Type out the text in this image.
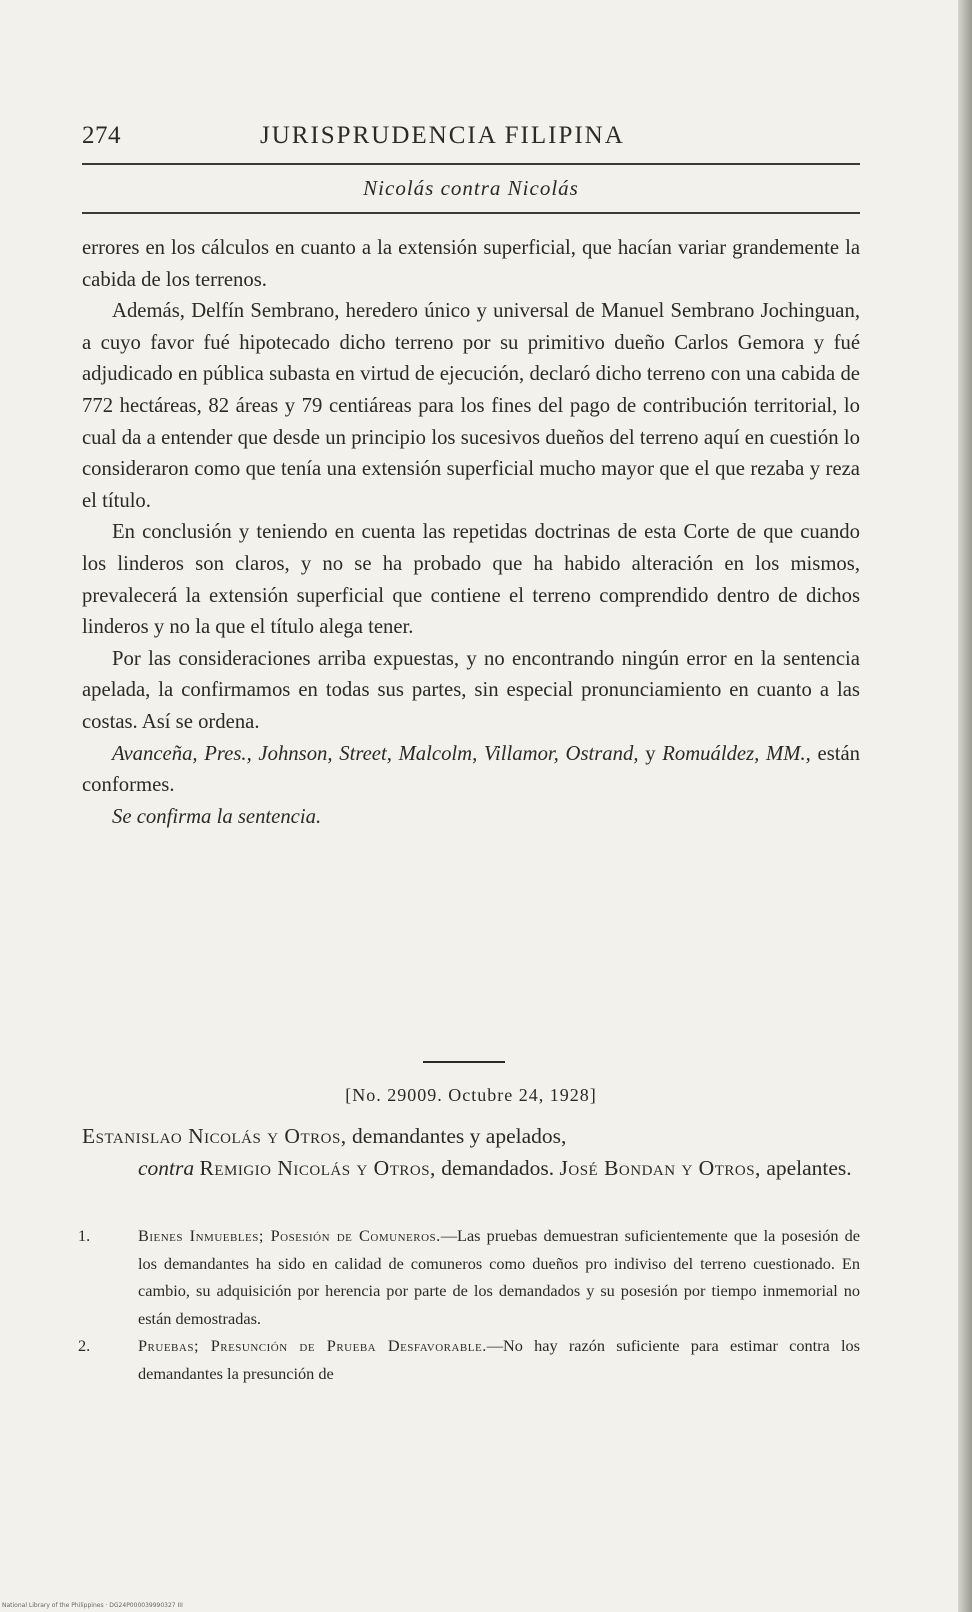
274	JURISPRUDENCIA FILIPINA
Nicolás contra Nicolás

errores en los cálculos en cuanto a la extensión superficial, que hacían variar grandemente la cabida de los terrenos.

Además, Delfín Sembrano, heredero único y universal de Manuel Sembrano Jochinguan, a cuyo favor fué hipotecado dicho terreno por su primitivo dueño Carlos Gemora y fué adjudicado en pública subasta en virtud de ejecución, declaró dicho terreno con una cabida de 772 hectáreas, 82 áreas y 79 centiáreas para los fines del pago de contribución territorial, lo cual da a entender que desde un principio los sucesivos dueños del terreno aquí en cuestión lo consideraron como que tenía una extensión superficial mucho mayor que el que rezaba y reza el título.

En conclusión y teniendo en cuenta las repetidas doctrinas de esta Corte de que cuando los linderos son claros, y no se ha probado que ha habido alteración en los mismos, prevalecerá la extensión superficial que contiene el terreno comprendido dentro de dichos linderos y no la que el título alega tener.

Por las consideraciones arriba expuestas, y no encontrando ningún error en la sentencia apelada, la confirmamos en todas sus partes, sin especial pronunciamiento en cuanto a las costas. Así se ordena.

Avanceña, Pres., Johnson, Street, Malcolm, Villamor, Ostrand, y Romuáldez, MM., están conformes.

Se confirma la sentencia.

[No. 29009. Octubre 24, 1928]
Estanislao Nicolás y Otros, demandantes y apelados,
contra Remigio Nicolás y Otros, demandados. José Bondan y Otros, apelantes.
1.	Bienes Inmuebles; Posesión de Comuneros.—Las pruebas demuestran suficientemente que la posesión de los demandantes ha sido en calidad de comuneros como dueños pro indiviso del terreno cuestionado. En cambio, su adquisición por herencia por parte de los demandados y su posesión por tiempo inmemorial no están demostradas.
2.	Pruebas; Presunción de Prueba Desfavorable.—No hay razón suficiente para estimar contra los demandantes la presunción de
National Library of the Philippines · DG24P000039990327 III
